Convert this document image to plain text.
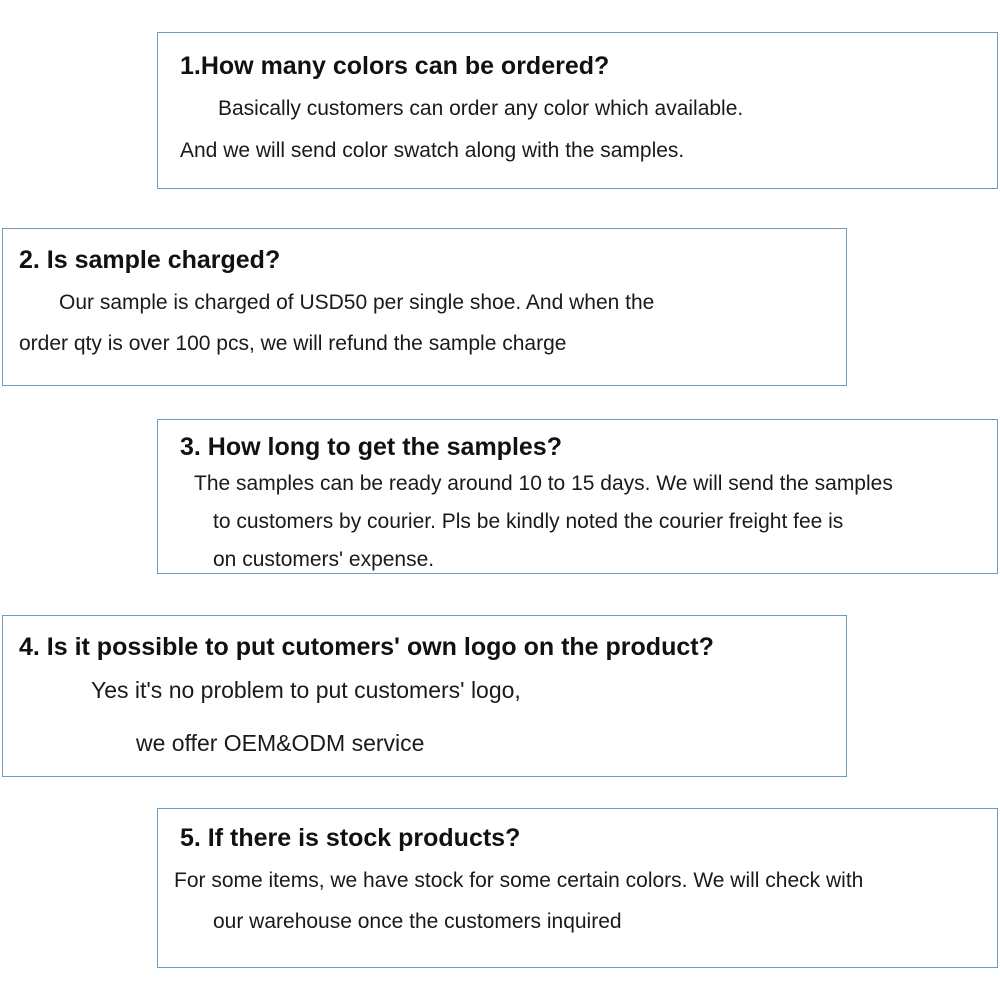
1.How many colors can be ordered?
Basically customers can order any color which available.
And we will send color swatch along with the samples.
2. Is sample charged?
Our sample is charged of USD50 per single shoe. And when the
order qty is over 100 pcs, we will refund the sample charge
3. How long to get the samples?
The samples can be ready around 10 to 15 days. We will send the samples
to customers by courier. Pls be kindly noted the courier freight fee is
on customers' expense.
4. Is it possible to put cutomers' own logo on the product?
Yes it's no problem to put customers' logo,
we offer OEM&ODM service
5. If there is stock products?
For some items, we have stock for some certain colors. We will check with
our warehouse once the customers inquired
